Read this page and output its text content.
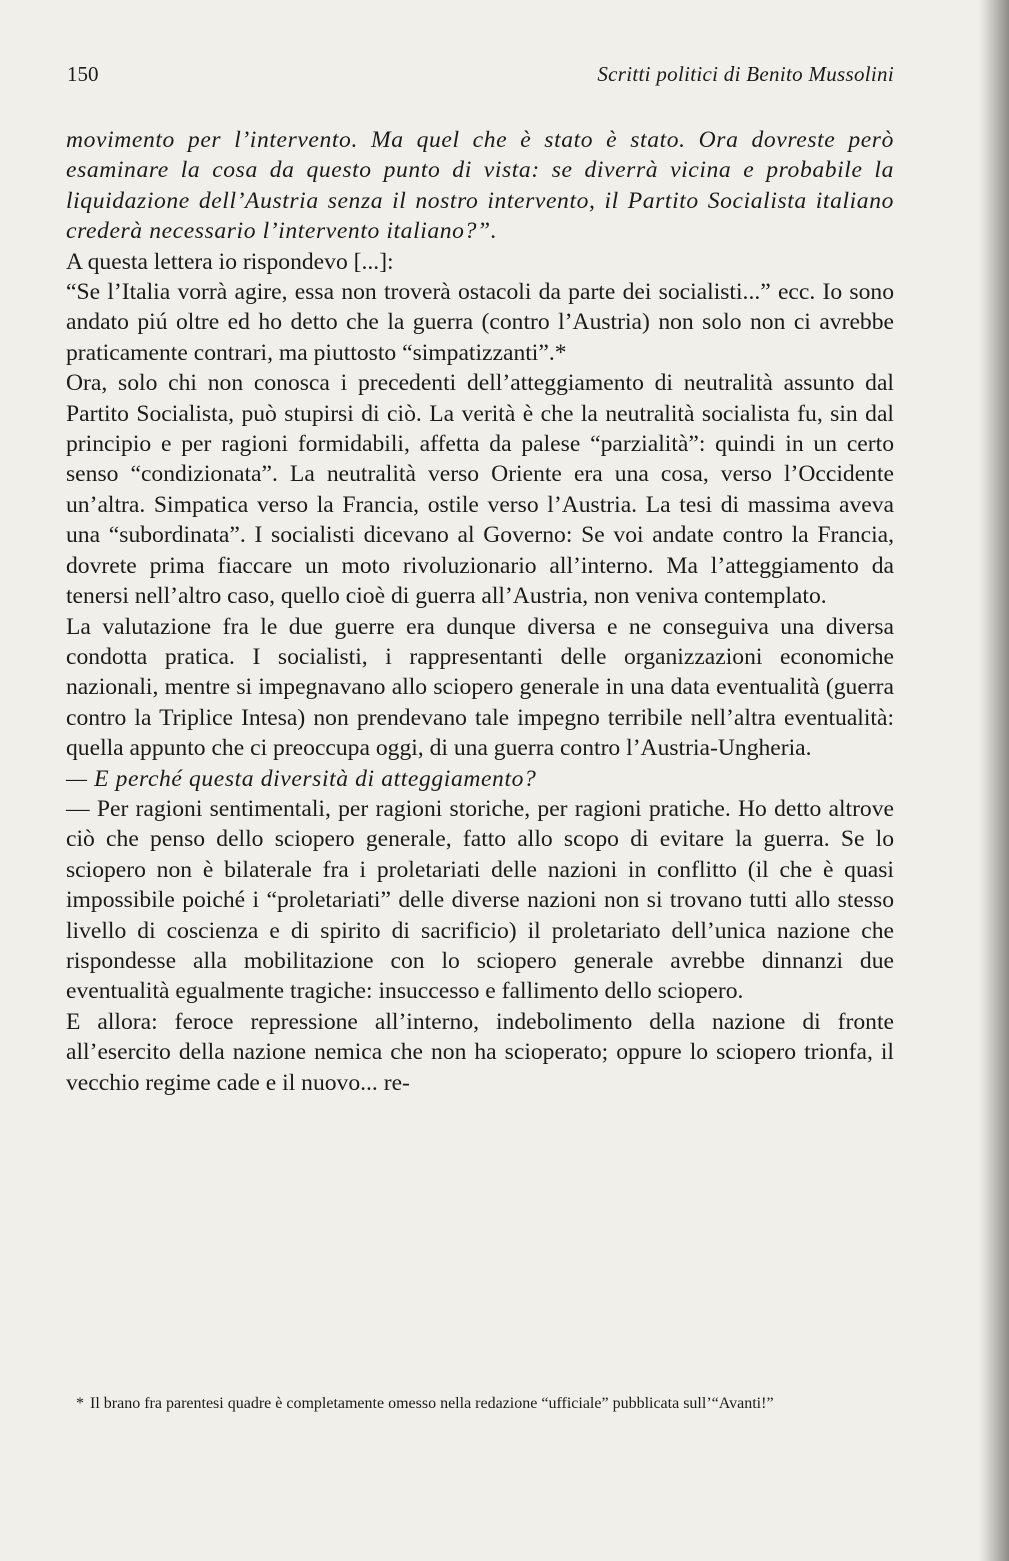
150	Scritti politici di Benito Mussolini

movimento per l’intervento. Ma quel che è stato è stato. Ora dovreste però esaminare la cosa da questo punto di vista: se diverrà vicina e probabile la liquidazione dell’Austria senza il nostro intervento, il Partito Socialista italiano crederà necessario l’intervento italiano?”.

A questa lettera io rispondevo [...]:

“Se l’Italia vorrà agire, essa non troverà ostacoli da parte dei socialisti...” ecc. Io sono andato piú oltre ed ho detto che la guerra (contro l’Austria) non solo non ci avrebbe praticamente contrari, ma piuttosto “simpatizzanti”.*

Ora, solo chi non conosca i precedenti dell’atteggiamento di neutralità assunto dal Partito Socialista, può stupirsi di ciò. La verità è che la neutralità socialista fu, sin dal principio e per ragioni formidabili, affetta da palese “parzialità”: quindi in un certo senso “condizionata”. La neutralità verso Oriente era una cosa, verso l’Occidente un’altra. Simpatica verso la Francia, ostile verso l’Austria. La tesi di massima aveva una “subordinata”. I socialisti dicevano al Governo: Se voi andate contro la Francia, dovrete prima fiaccare un moto rivoluzionario all’interno. Ma l’atteggiamento da tenersi nell’altro caso, quello cioè di guerra all’Austria, non veniva contemplato.

La valutazione fra le due guerre era dunque diversa e ne conseguiva una diversa condotta pratica. I socialisti, i rappresentanti delle organizzazioni economiche nazionali, mentre si impegnavano allo sciopero generale in una data eventualità (guerra contro la Triplice Intesa) non prendevano tale impegno terribile nell’altra eventualità: quella appunto che ci preoccupa oggi, di una guerra contro l’Austria-Ungheria.

— E perché questa diversità di atteggiamento?

— Per ragioni sentimentali, per ragioni storiche, per ragioni pratiche. Ho detto altrove ciò che penso dello sciopero generale, fatto allo scopo di evitare la guerra. Se lo sciopero non è bilaterale fra i proletariati delle nazioni in conflitto (il che è quasi impossibile poiché i “proletariati” delle diverse nazioni non si trovano tutti allo stesso livello di coscienza e di spirito di sacrificio) il proletariato dell’unica nazione che rispondesse alla mobilitazione con lo sciopero generale avrebbe dinnanzi due eventualità egualmente tragiche: insuccesso e fallimento dello sciopero.

E allora: feroce repressione all’interno, indebolimento della nazione di fronte all’esercito della nazione nemica che non ha scioperato; oppure lo sciopero trionfa, il vecchio regime cade e il nuovo... re-

* Il brano fra parentesi quadre è completamente omesso nella redazione “ufficiale” pubblicata sull’“Avanti!”
